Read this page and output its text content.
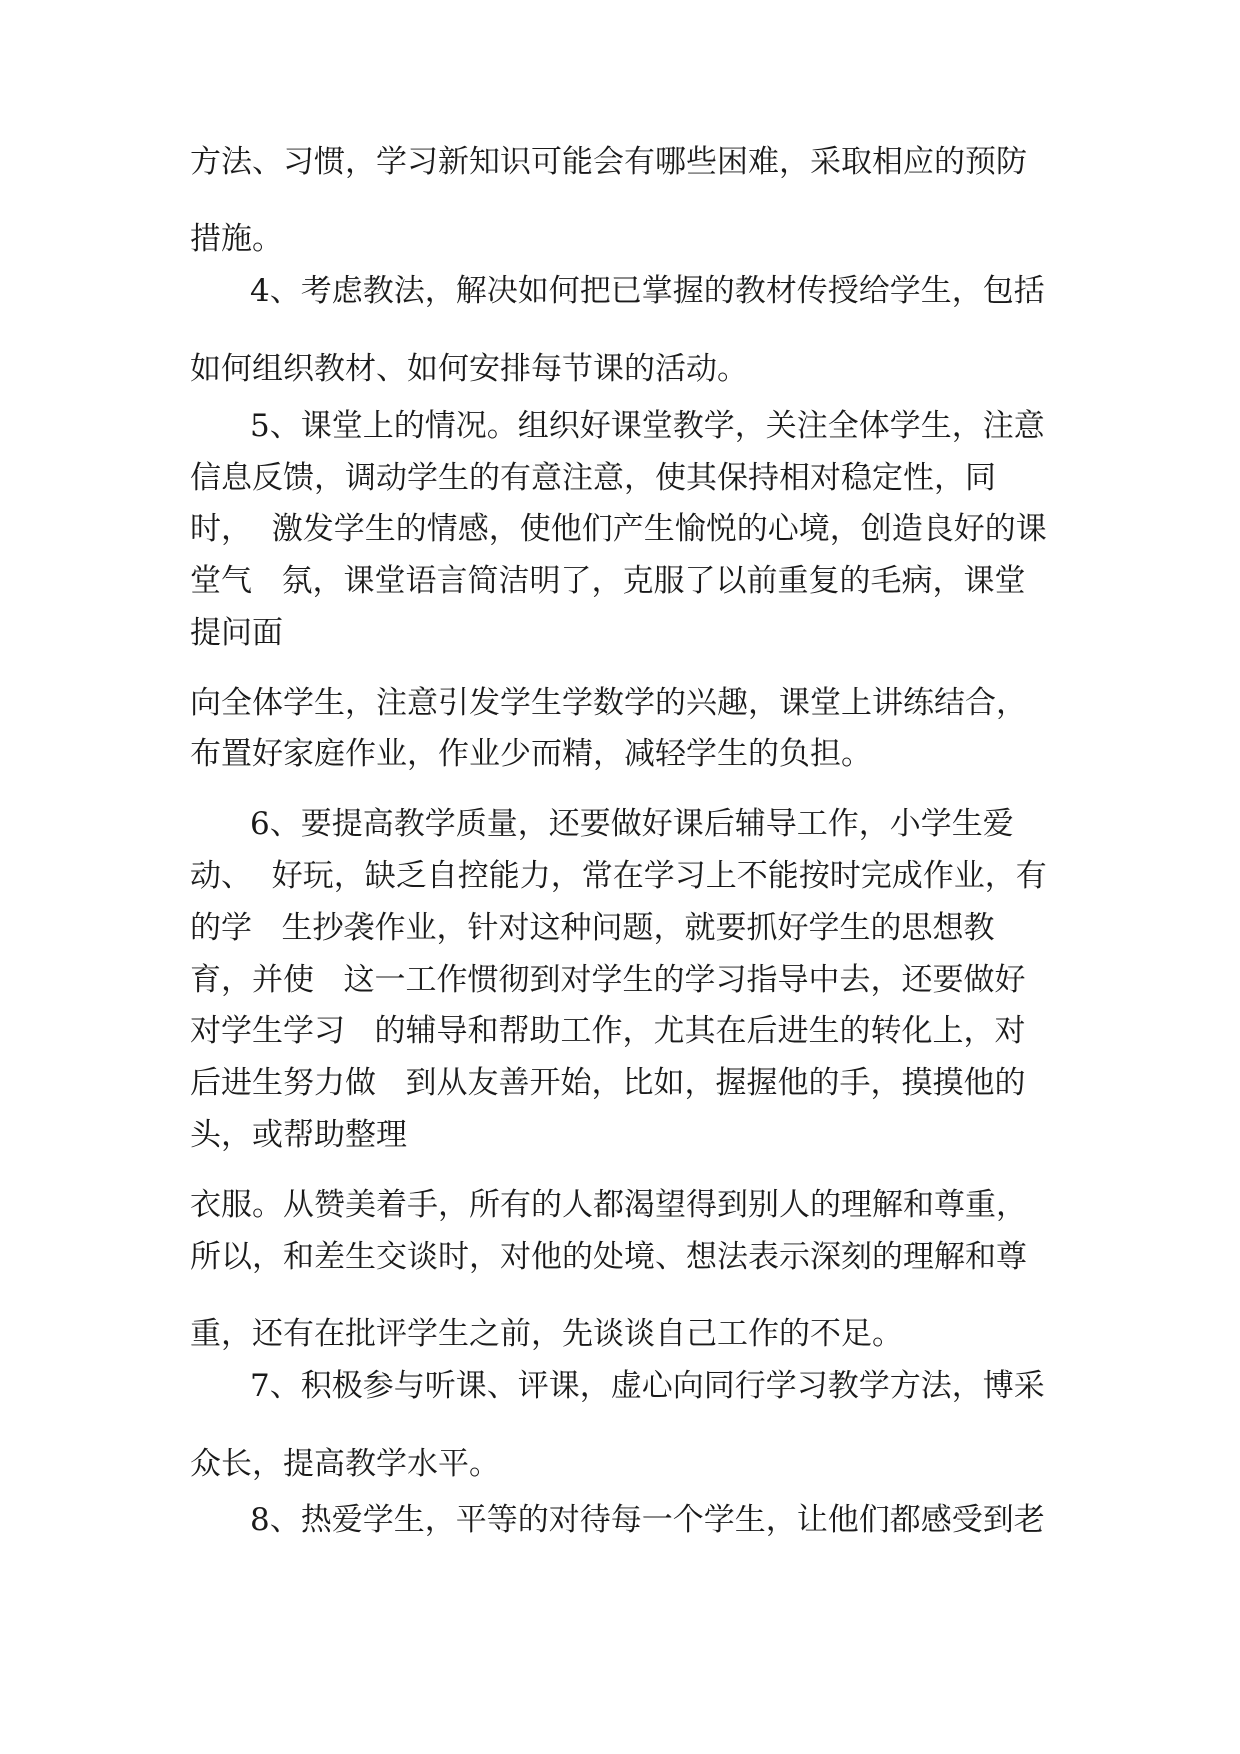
方法、习惯，学习新知识可能会有哪些困难，采取相应的预防

措施。

4、考虑教法，解决如何把已掌握的教材传授给学生，包括

如何组织教材、如何安排每节课的活动。

5、课堂上的情况。组织好课堂教学，关注全体学生，注意

信息反馈，调动学生的有意注意，使其保持相对稳定性，同

时，  激发学生的情感，使他们产生愉悦的心境，创造良好的课

堂气   氛，课堂语言简洁明了，克服了以前重复的毛病，课堂

提问面

向全体学生，注意引发学生学数学的兴趣，课堂上讲练结合，

布置好家庭作业，作业少而精，减轻学生的负担。

6、要提高教学质量，还要做好课后辅导工作，小学生爱

动、  好玩，缺乏自控能力，常在学习上不能按时完成作业，有

的学   生抄袭作业，针对这种问题，就要抓好学生的思想教

育，并使   这一工作惯彻到对学生的学习指导中去，还要做好

对学生学习   的辅导和帮助工作，尤其在后进生的转化上，对

后进生努力做   到从友善开始，比如，握握他的手，摸摸他的

头，或帮助整理

衣服。从赞美着手，所有的人都渴望得到别人的理解和尊重，

所以，和差生交谈时，对他的处境、想法表示深刻的理解和尊

重，还有在批评学生之前，先谈谈自己工作的不足。

7、积极参与听课、评课，虚心向同行学习教学方法，博采

众长，提高教学水平。

8、热爱学生，平等的对待每一个学生，让他们都感受到老
